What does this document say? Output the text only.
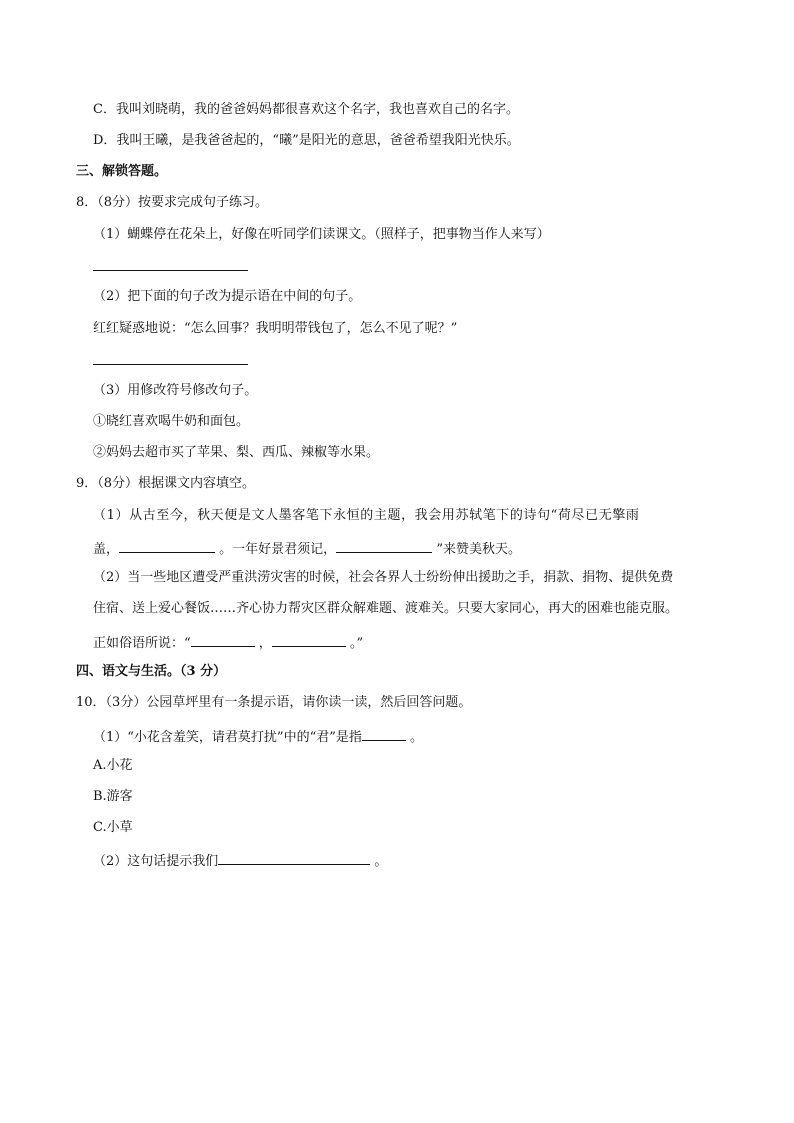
C．我叫刘晓萌，我的爸爸妈妈都很喜欢这个名字，我也喜欢自己的名字。
D．我叫王曦，是我爸爸起的，“曦”是阳光的意思，爸爸希望我阳光快乐。
三、解锁答题。
8．（8分）按要求完成句子练习。
（1）蝴蝶停在花朵上，好像在听同学们读课文。（照样子，把事物当作人来写）
（2）把下面的句子改为提示语在中间的句子。
红红疑惑地说：“怎么回事？我明明带钱包了，怎么不见了呢？”
（3）用修改符号修改句子。
①晓红喜欢喝牛奶和面包。
②妈妈去超市买了苹果、梨、西瓜、辣椒等水果。
9．（8分）根据课文内容填空。
（1）从古至今，秋天便是文人墨客笔下永恒的主题，我会用苏轼笔下的诗句“荷尽已无擎雨
盖，	。一年好景君须记，	”来赞美秋天。
（2）当一些地区遭受严重洪涝灾害的时候，社会各界人士纷纷伸出援助之手，捐款、捐物、提供免费
住宿、送上爱心餐饭……齐心协力帮灾区群众解难题、渡难关。只要大家同心，再大的困难也能克服。
正如俗语所说：“	，	。”
四、语文与生活。（3 分）
10．（3分）公园草坪里有一条提示语，请你读一读，然后回答问题。
（1）“小花含羞笑，请君莫打扰”中的“君”是指	。
A.小花
B.游客
C.小草
（2）这句话提示我们	。
